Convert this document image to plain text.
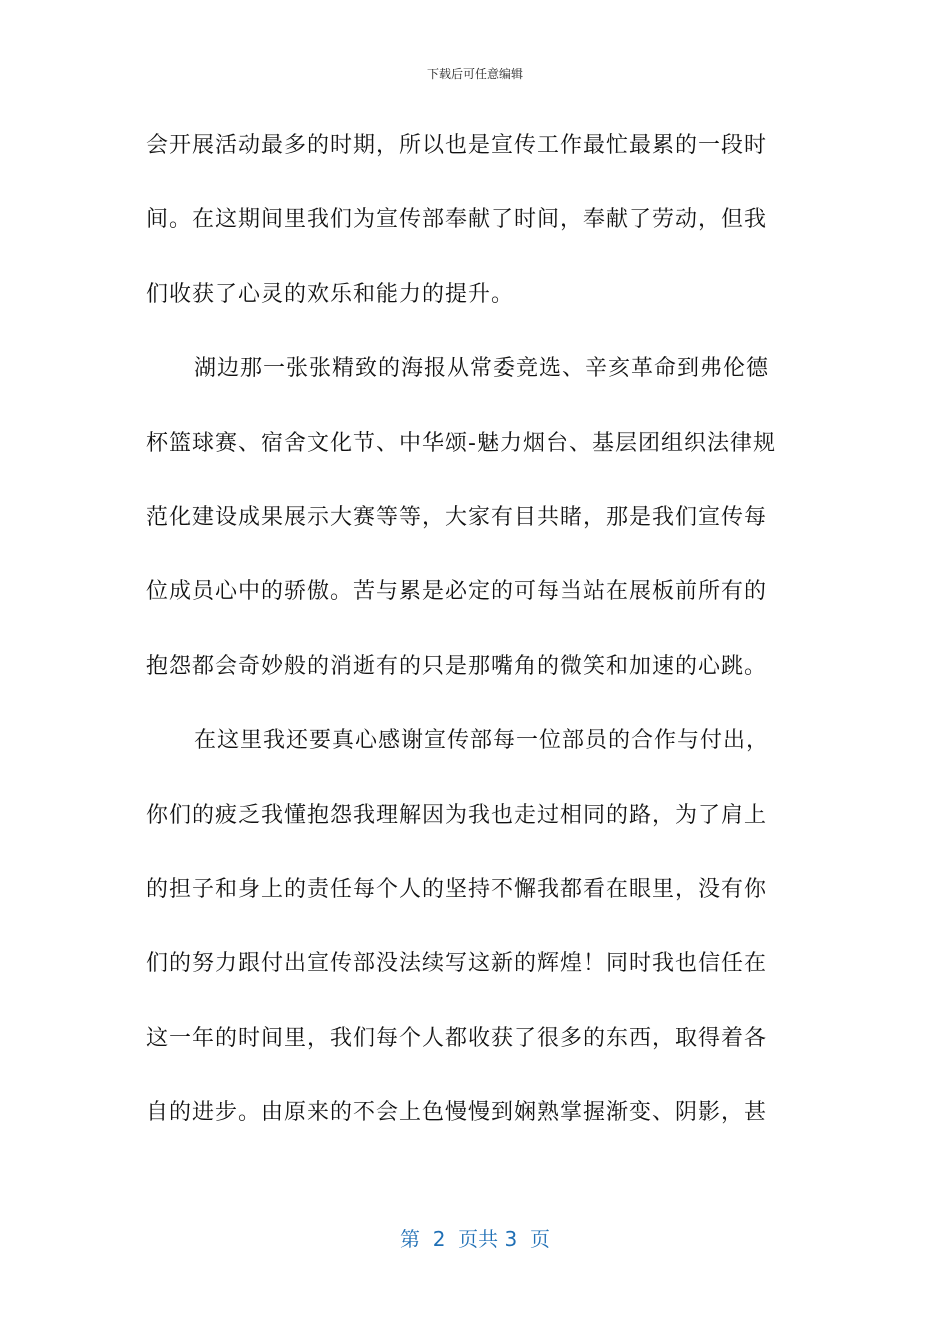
下载后可任意编辑
会开展活动最多的时期，所以也是宣传工作最忙最累的一段时
间。在这期间里我们为宣传部奉献了时间，奉献了劳动，但我
们收获了心灵的欢乐和能力的提升。
湖边那一张张精致的海报从常委竞选、辛亥革命到弗伦德
杯篮球赛、宿舍文化节、中华颂-魅力烟台、基层团组织法律规
范化建设成果展示大赛等等，大家有目共睹，那是我们宣传每
位成员心中的骄傲。苦与累是必定的可每当站在展板前所有的
抱怨都会奇妙般的消逝有的只是那嘴角的微笑和加速的心跳。
在这里我还要真心感谢宣传部每一位部员的合作与付出，
你们的疲乏我懂抱怨我理解因为我也走过相同的路，为了肩上
的担子和身上的责任每个人的坚持不懈我都看在眼里，没有你
们的努力跟付出宣传部没法续写这新的辉煌！同时我也信任在
这一年的时间里，我们每个人都收获了很多的东西，取得着各
自的进步。由原来的不会上色慢慢到娴熟掌握渐变、阴影，甚
第  2  页共 3  页
